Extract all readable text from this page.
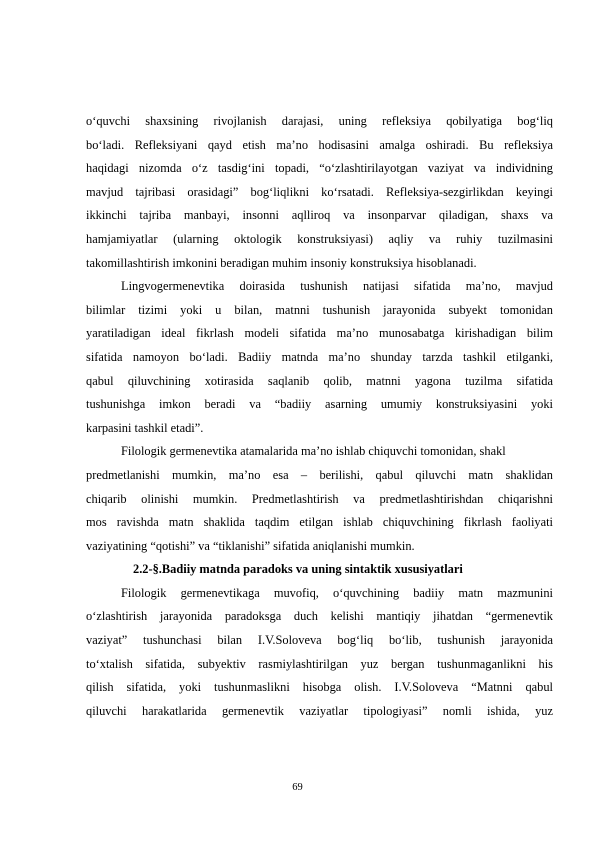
o‘quvchi shaxsining rivojlanish darajasi, uning refleksiya qobilyatiga bog‘liq
bo‘ladi. Refleksiyani qayd etish ma’no hodisasini amalga oshiradi. Bu refleksiya
haqidagi nizomda o‘z tasdig‘ini topadi, “o‘zlashtirilayotgan vaziyat va individning
mavjud tajribasi orasidagi” bog‘liqlikni ko‘rsatadi. Refleksiya-sezgirlikdan keyingi
ikkinchi tajriba manbayi, insonni aqlliroq va insonparvar qiladigan, shaxs va
hamjamiyatlar (ularning oktologik konstruksiyasi) aqliy va ruhiy tuzilmasini
takomillashtirish imkonini beradigan muhim insoniy konstruksiya hisoblanadi.
Lingvogermenevtika doirasida tushunish natijasi sifatida ma’no, mavjud
bilimlar tizimi yoki u bilan, matnni tushunish jarayonida subyekt tomonidan
yaratiladigan ideal fikrlash modeli sifatida ma’no munosabatga kirishadigan bilim
sifatida namoyon bo‘ladi. Badiiy matnda ma’no shunday tarzda tashkil etilganki,
qabul qiluvchining xotirasida saqlanib qolib, matnni yagona tuzilma sifatida
tushunishga imkon beradi va “badiiy asarning umumiy konstruksiyasini yoki
karpasini tashkil etadi”.
Filologik germenevtika atamalarida ma’no ishlab chiquvchi tomonidan, shakl
predmetlanishi mumkin, ma’no esa – berilishi, qabul qiluvchi matn shaklidan
chiqarib olinishi mumkin. Predmetlashtirish va predmetlashtirishdan chiqarishni
mos ravishda matn shaklida taqdim etilgan ishlab chiquvchining fikrlash faoliyati
vaziyatining “qotishi” va “tiklanishi” sifatida aniqlanishi mumkin.
2.2-§.Badiiy matnda paradoks va uning sintaktik xususiyatlari
Filologik germenevtikaga muvofiq, o‘quvchining badiiy matn mazmunini
o‘zlashtirish jarayonida paradoksga duch kelishi mantiqiy jihatdan “germenevtik
vaziyat” tushunchasi bilan I.V.Soloveva bog‘liq bo‘lib, tushunish jarayonida
to‘xtalish sifatida, subyektiv rasmiylashtirilgan yuz bergan tushunmaganlikni his
qilish sifatida, yoki tushunmaslikni hisobga olish. I.V.Soloveva “Matnni qabul
qiluvchi harakatlarida germenevtik vaziyatlar tipologiyasi” nomli ishida, yuz
69
